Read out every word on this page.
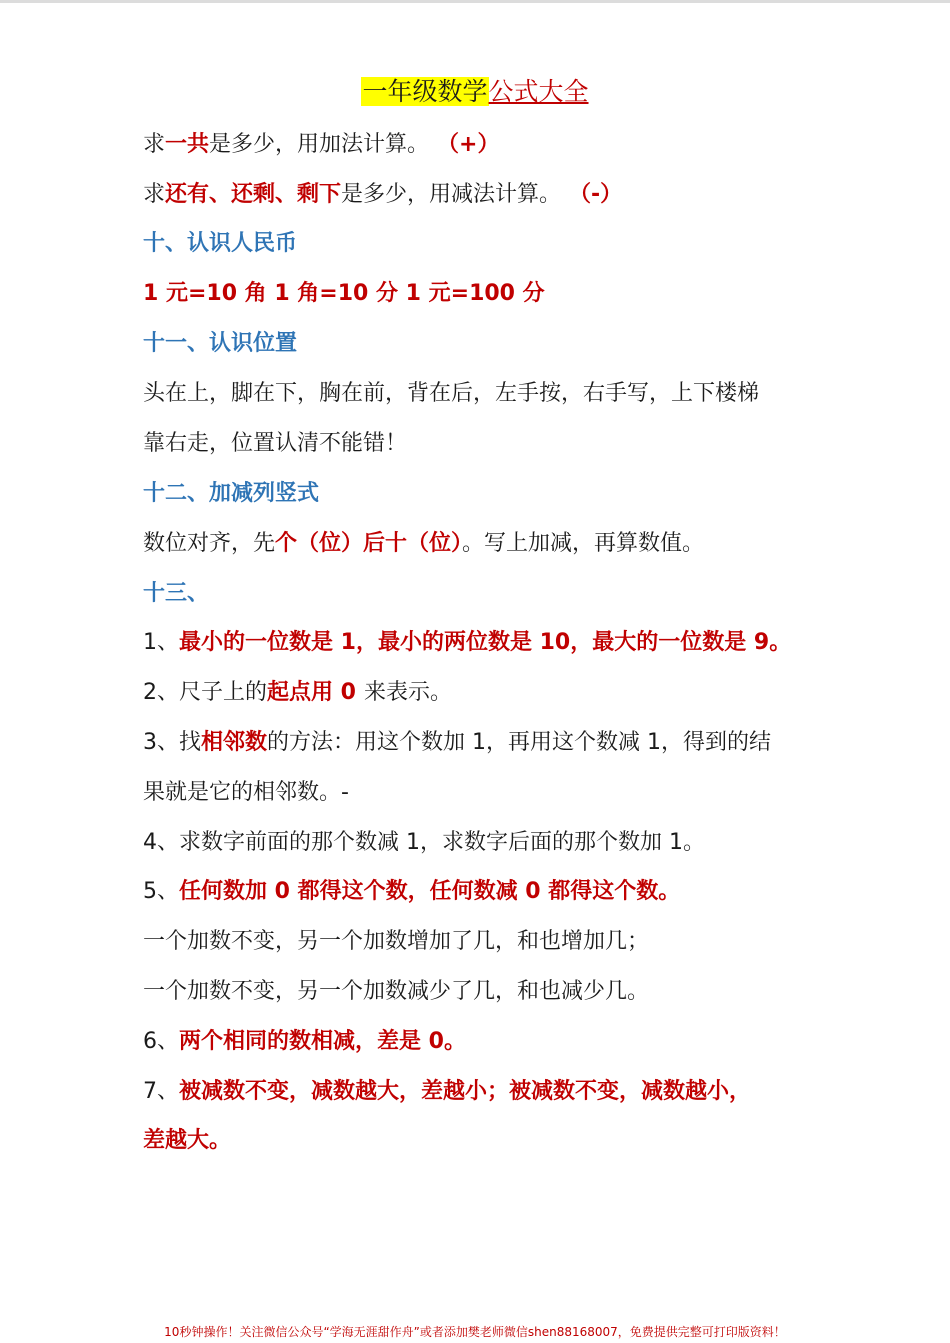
一年级数学公式大全
求一共是多少，用加法计算。 （+）
求还有、还剩、剩下是多少，用减法计算。 （-）
十、认识人民币
1 元=10 角 1 角=10 分 1 元=100 分
十一、认识位置
头在上，脚在下，胸在前，背在后，左手按，右手写，上下楼梯
靠右走，位置认清不能错！
十二、加减列竖式
数位对齐，先个（位）后十（位）。写上加减，再算数值。
十三、
1、最小的一位数是 1，最小的两位数是 10，最大的一位数是 9。
2、尺子上的起点用 0 来表示。
3、找相邻数的方法：用这个数加 1，再用这个数减 1，得到的结
果就是它的相邻数。-
4、求数字前面的那个数减 1，求数字后面的那个数加 1。
5、任何数加 0 都得这个数，任何数减 0 都得这个数。
一个加数不变，另一个加数增加了几，和也增加几；
一个加数不变，另一个加数减少了几，和也减少几。
6、两个相同的数相减，差是 0。
7、被减数不变，减数越大，差越小；被减数不变，减数越小，
差越大。
10秒钟操作！关注微信公众号“学海无涯甜作舟”或者添加樊老师微信shen88168007，免费提供完整可打印版资料！
